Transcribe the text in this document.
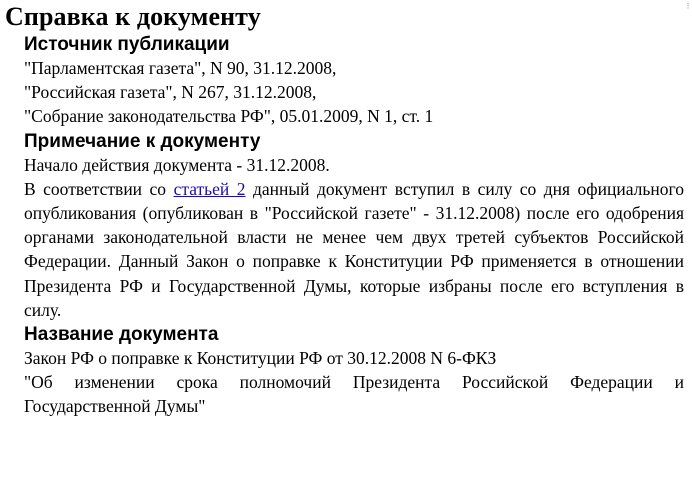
Справка к документу
Источник публикации

"Парламентская газета", N 90, 31.12.2008,

"Российская газета", N 267, 31.12.2008,

"Собрание законодательства РФ", 05.01.2009, N 1, ст. 1

Примечание к документу

Начало действия документа - 31.12.2008.

В соответствии со статьей 2 данный документ вступил в силу со дня официального опубликования (опубликован в "Российской газете" - 31.12.2008) после его одобрения органами законодательной власти не менее чем двух третей субъектов Российской Федерации. Данный Закон о поправке к Конституции РФ применяется в отношении Президента РФ и Государственной Думы, которые избраны после его вступления в силу.

Название документа

Закон РФ о поправке к Конституции РФ от 30.12.2008 N 6-ФКЗ

"Об изменении срока полномочий Президента Российской Федерации и Государственной Думы"

⁝
